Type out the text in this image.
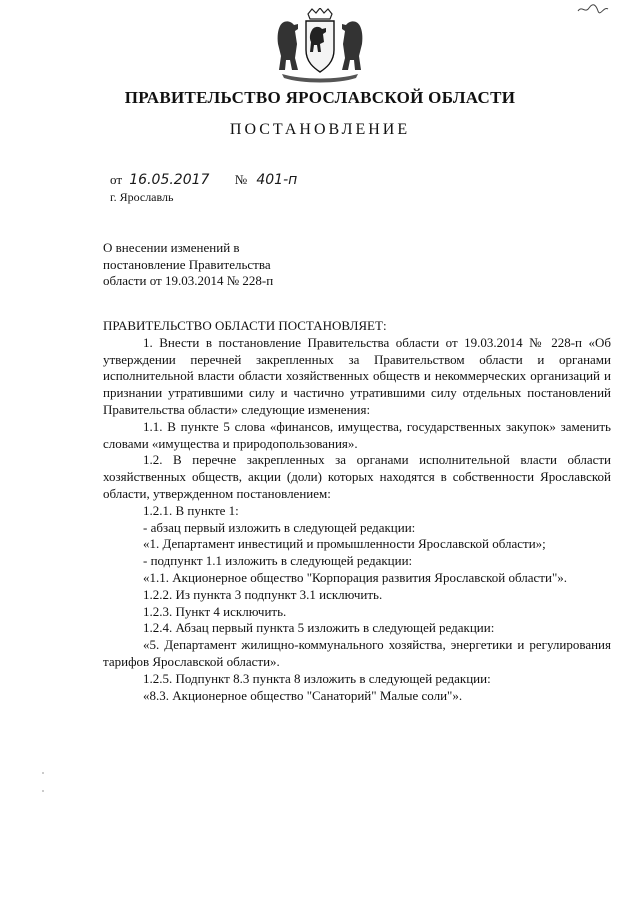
ПРАВИТЕЛЬСТВО ЯРОСЛАВСКОЙ ОБЛАСТИ
ПОСТАНОВЛЕНИЕ
от 16.05.2017 № 401-п
г. Ярославль
О внесении изменений в
постановление Правительства
области от 19.03.2014 № 228-п

ПРАВИТЕЛЬСТВО ОБЛАСТИ ПОСТАНОВЛЯЕТ:

1. Внести в постановление Правительства области от 19.03.2014 № 228-п «Об утверждении перечней закрепленных за Правительством области и органами исполнительной власти области хозяйственных обществ и некоммерческих организаций и признании утратившими силу и частично утратившими силу отдельных постановлений Правительства области» следующие изменения:

1.1. В пункте 5 слова «финансов, имущества, государственных закупок» заменить словами «имущества и природопользования».

1.2. В перечне закрепленных за органами исполнительной власти области хозяйственных обществ, акции (доли) которых находятся в собственности Ярославской области, утвержденном постановлением:

1.2.1. В пункте 1:

- абзац первый изложить в следующей редакции:

«1. Департамент инвестиций и промышленности Ярославской области»;

- подпункт 1.1 изложить в следующей редакции:

«1.1. Акционерное общество "Корпорация развития Ярославской области"».

1.2.2. Из пункта 3 подпункт 3.1 исключить.

1.2.3. Пункт 4 исключить.

1.2.4. Абзац первый пункта 5 изложить в следующей редакции:

«5. Департамент жилищно-коммунального хозяйства, энергетики и регулирования тарифов Ярославской области».

1.2.5. Подпункт 8.3 пункта 8 изложить в следующей редакции:

«8.3. Акционерное общество "Санаторий" Малые соли"».
